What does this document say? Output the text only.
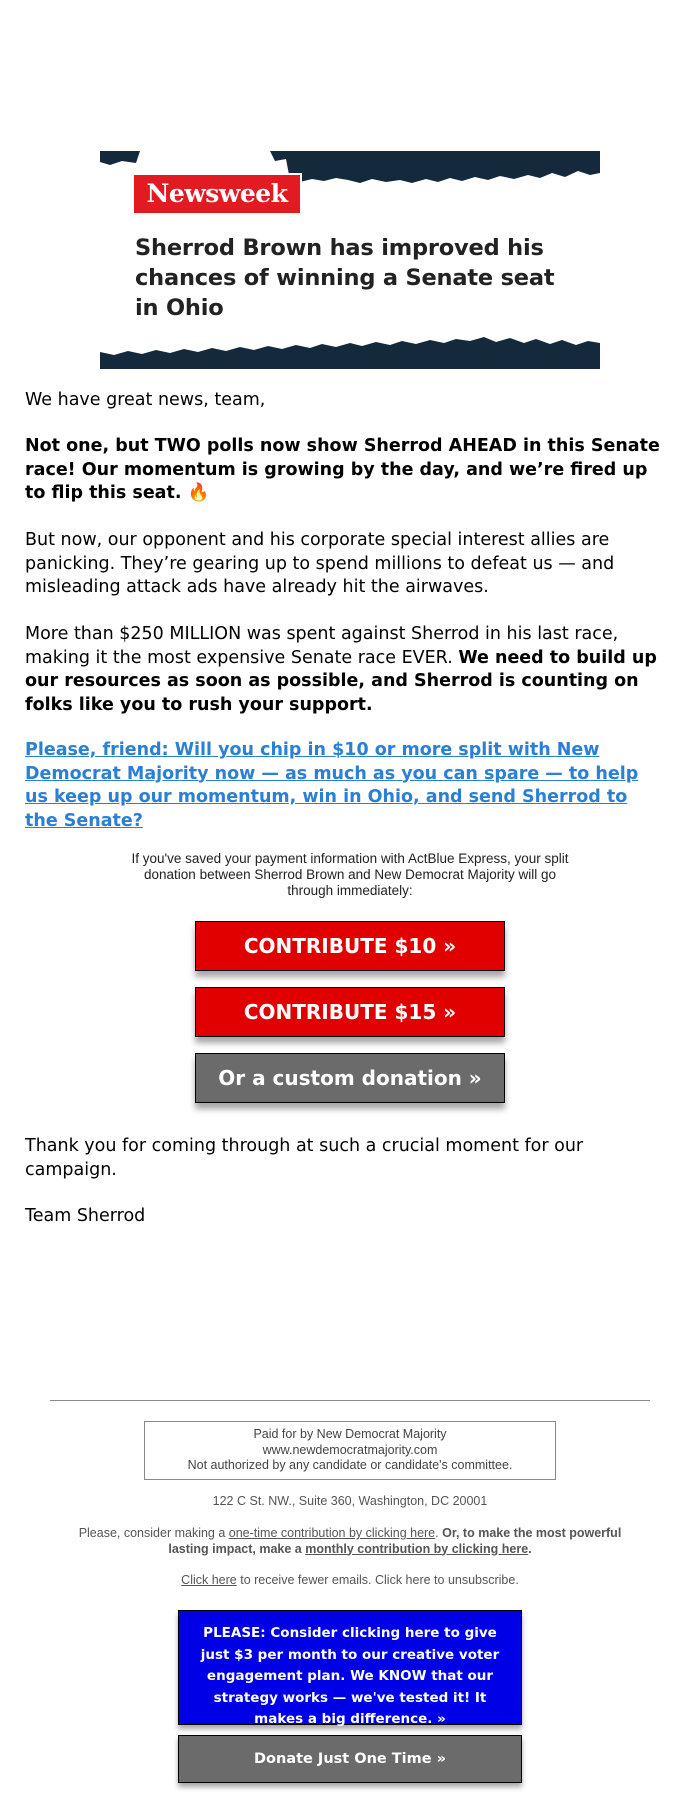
Newsweek
Sherrod Brown has improved his chances of winning a Senate seat in Ohio
We have great news, team,
Not one, but TWO polls now show Sherrod AHEAD in this Senate race! Our momentum is growing by the day, and we’re fired up to flip this seat. 🔥
But now, our opponent and his corporate special interest allies are panicking. They’re gearing up to spend millions to defeat us — and misleading attack ads have already hit the airwaves.
More than $250 MILLION was spent against Sherrod in his last race, making it the most expensive Senate race EVER. We need to build up our resources as soon as possible, and Sherrod is counting on folks like you to rush your support.
Please, friend: Will you chip in $10 or more split with New Democrat Majority now — as much as you can spare — to help us keep up our momentum, win in Ohio, and send Sherrod to the Senate?
If you've saved your payment information with ActBlue Express, your split donation between Sherrod Brown and New Democrat Majority will go through immediately:
CONTRIBUTE $10 »
CONTRIBUTE $15 »
Or a custom donation »
Thank you for coming through at such a crucial moment for our campaign.
Team Sherrod
Paid for by New Democrat Majority
www.newdemocratmajority.com
Not authorized by any candidate or candidate's committee.
122 C St. NW., Suite 360, Washington, DC 20001
Please, consider making a one-time contribution by clicking here. Or, to make the most powerful lasting impact, make a monthly contribution by clicking here.
Click here to receive fewer emails. Click here to unsubscribe.
PLEASE: Consider clicking here to give just $3 per month to our creative voter engagement plan. We KNOW that our strategy works — we've tested it! It makes a big difference. »
Donate Just One Time »
